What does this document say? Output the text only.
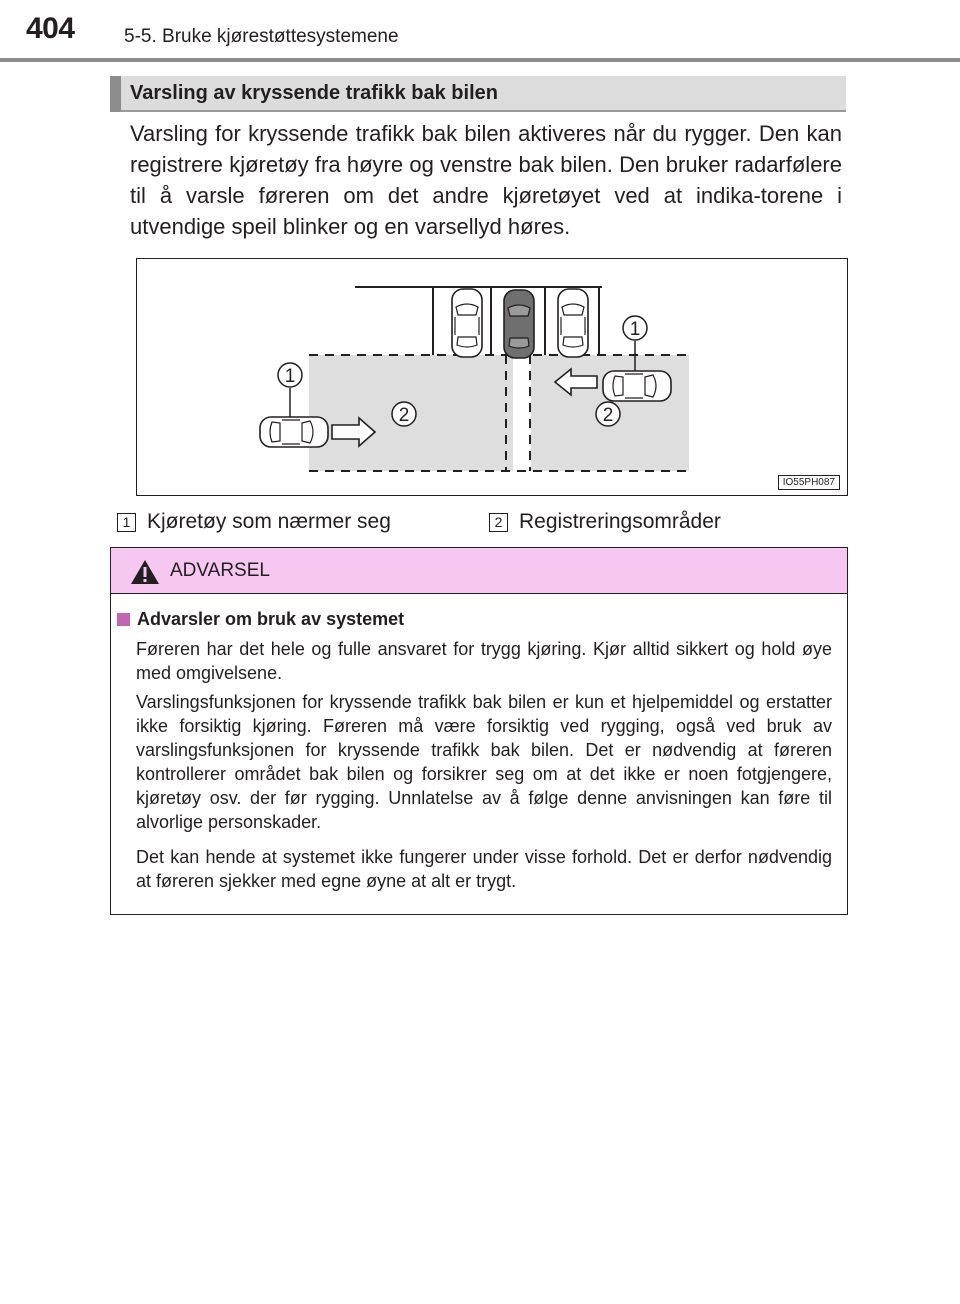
404	5-5. Bruke kjørestøttesystemene
Varsling av kryssende trafikk bak bilen
Varsling for kryssende trafikk bak bilen aktiveres når du rygger. Den kan registrere kjøretøy fra høyre og venstre bak bilen. Den bruker radarfølere til å varsle føreren om det andre kjøretøyet ved at indika-torene i utvendige speil blinker og en varsellyd høres.
1
1
2	2
IO55PH087
1 Kjøretøy som nærmer seg	2 Registreringsområder
ADVARSEL
Advarsler om bruk av systemet
Føreren har det hele og fulle ansvaret for trygg kjøring. Kjør alltid sikkert og hold øye med omgivelsene.
Varslingsfunksjonen for kryssende trafikk bak bilen er kun et hjelpemiddel og erstatter ikke forsiktig kjøring. Føreren må være forsiktig ved rygging, også ved bruk av varslingsfunksjonen for kryssende trafikk bak bilen. Det er nødvendig at føreren kontrollerer området bak bilen og forsikrer seg om at det ikke er noen fotgjengere, kjøretøy osv. der før rygging. Unnlatelse av å følge denne anvisningen kan føre til alvorlige personskader.
Det kan hende at systemet ikke fungerer under visse forhold. Det er derfor nødvendig at føreren sjekker med egne øyne at alt er trygt.
